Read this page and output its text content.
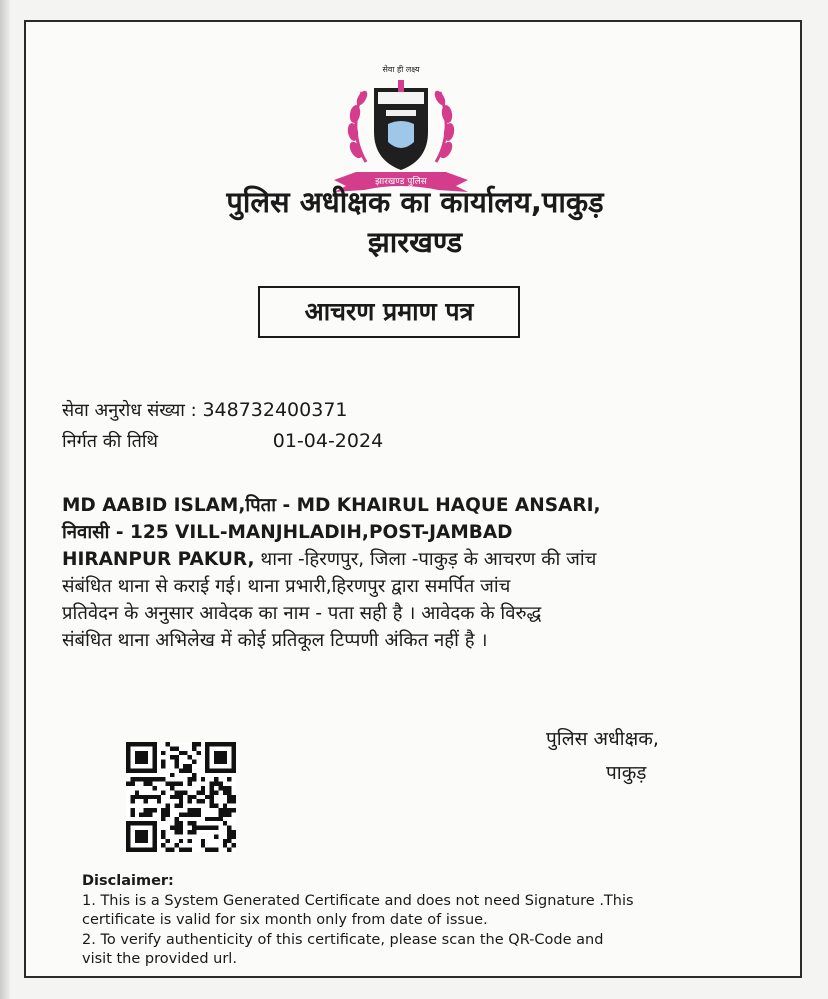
सेवा ही लक्ष्य
झारखण्ड पुलिस
पुलिस अधीक्षक का कार्यालय,पाकुड़
झारखण्ड
आचरण प्रमाण पत्र
सेवा अनुरोध संख्या : 348732400371
निर्गत की तिथि	01-04-2024

MD AABID ISLAM,पिता - MD KHAIRUL HAQUE ANSARI,

निवासी - 125 VILL-MANJHLADIH,POST-JAMBAD

HIRANPUR PAKUR, थाना -हिरणपुर, जिला -पाकुड़ के आचरण की जांच

संबंधित थाना से कराई गई। थाना प्रभारी,हिरणपुर द्वारा समर्पित जांच

प्रतिवेदन के अनुसार आवेदक का नाम - पता सही है । आवेदक के विरुद्ध

संबंधित थाना अभिलेख में कोई प्रतिकूल टिप्पणी अंकित नहीं है ।

पुलिस अधीक्षक,
पाकुड़

Disclaimer:

1. This is a System Generated Certificate and does not need Signature .This

certificate is valid for six month only from date of issue.

2. To verify authenticity of this certificate, please scan the QR-Code and

visit the provided url.
